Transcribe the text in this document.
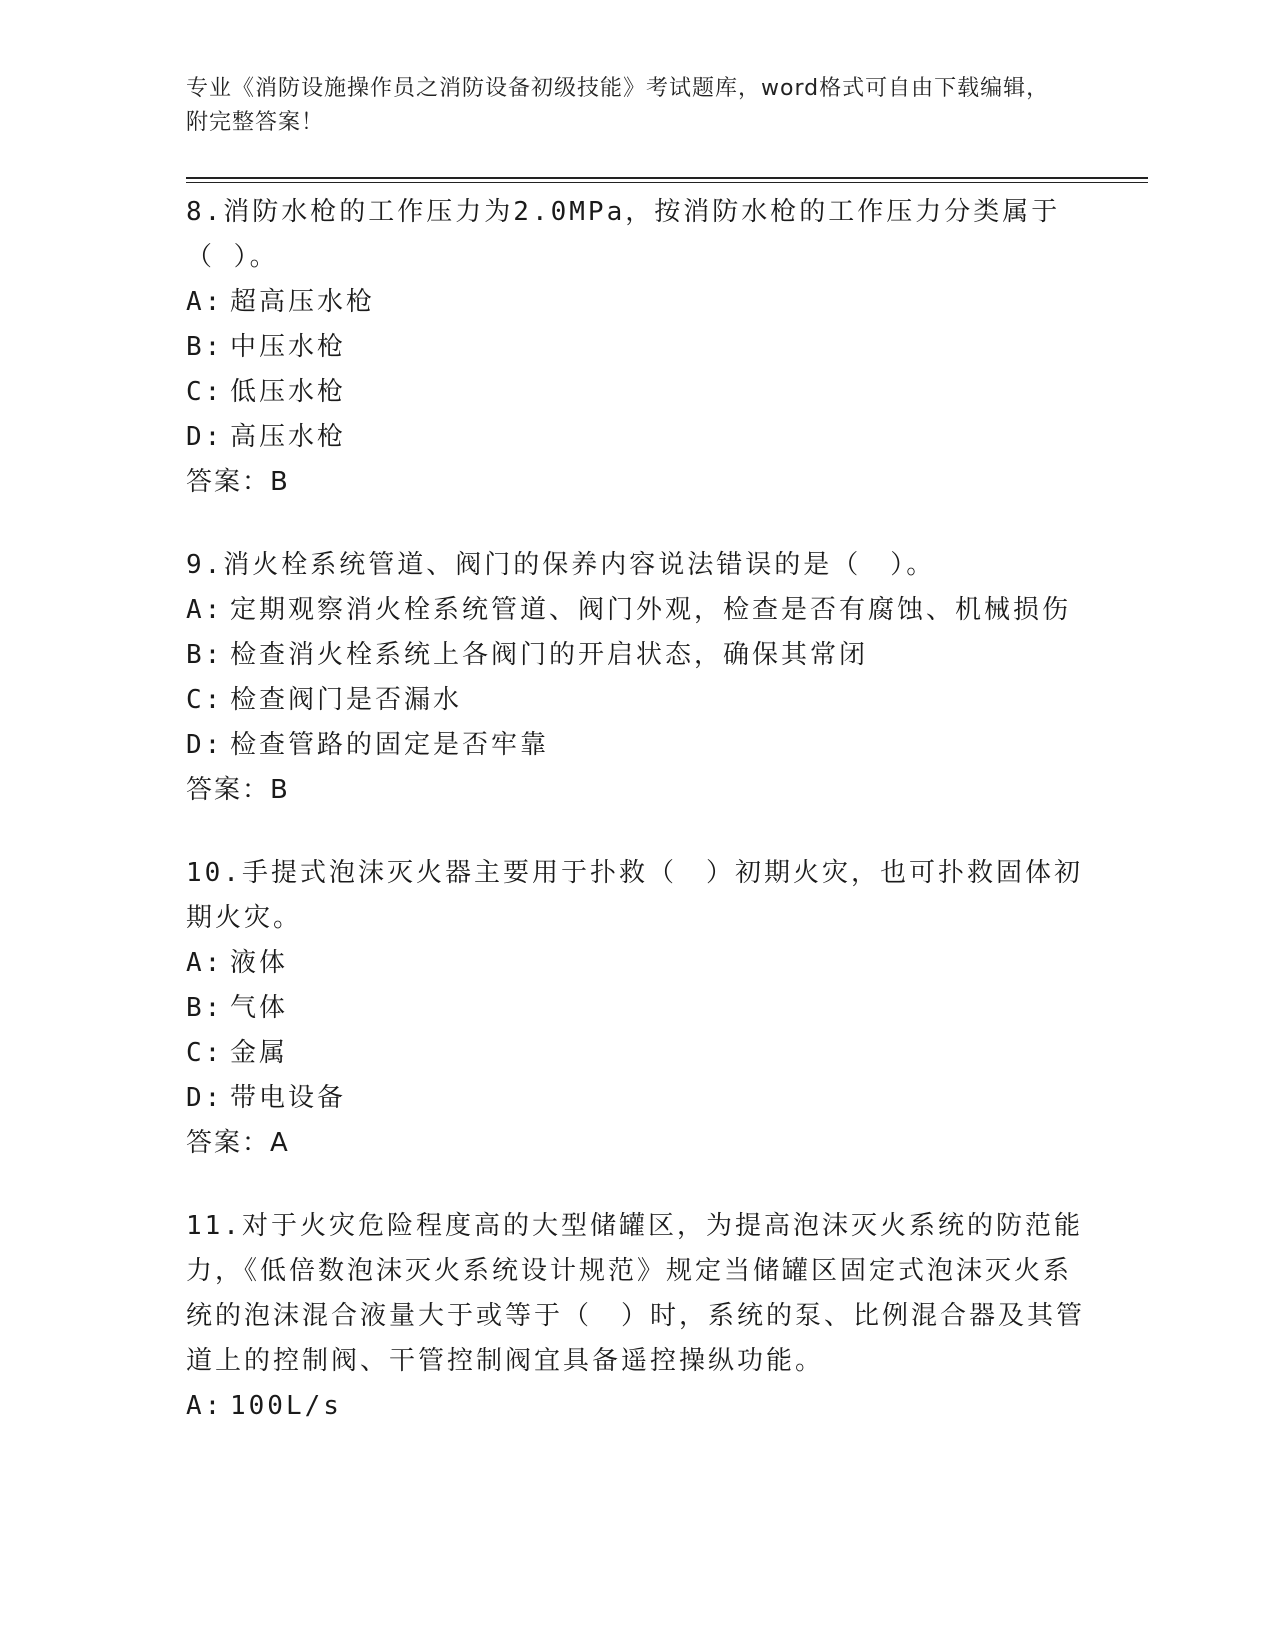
专业《消防设施操作员之消防设备初级技能》考试题库，word格式可自由下载编辑，附完整答案！
8.消防水枪的工作压力为2.0MPa，按消防水枪的工作压力分类属于（ ）。
A: 超高压水枪
B: 中压水枪
C: 低压水枪
D: 高压水枪
答案：B
9.消火栓系统管道、阀门的保养内容说法错误的是（　）。
A: 定期观察消火栓系统管道、阀门外观，检查是否有腐蚀、机械损伤
B: 检查消火栓系统上各阀门的开启状态，确保其常闭
C: 检查阀门是否漏水
D: 检查管路的固定是否牢靠
答案：B
10.手提式泡沫灭火器主要用于扑救（　）初期火灾，也可扑救固体初期火灾。
A: 液体
B: 气体
C: 金属
D: 带电设备
答案：A
11.对于火灾危险程度高的大型储罐区，为提高泡沫灭火系统的防范能力，《低倍数泡沫灭火系统设计规范》规定当储罐区固定式泡沫灭火系统的泡沫混合液量大于或等于（　）时，系统的泵、比例混合器及其管道上的控制阀、干管控制阀宜具备遥控操纵功能。
A: 100L/s
